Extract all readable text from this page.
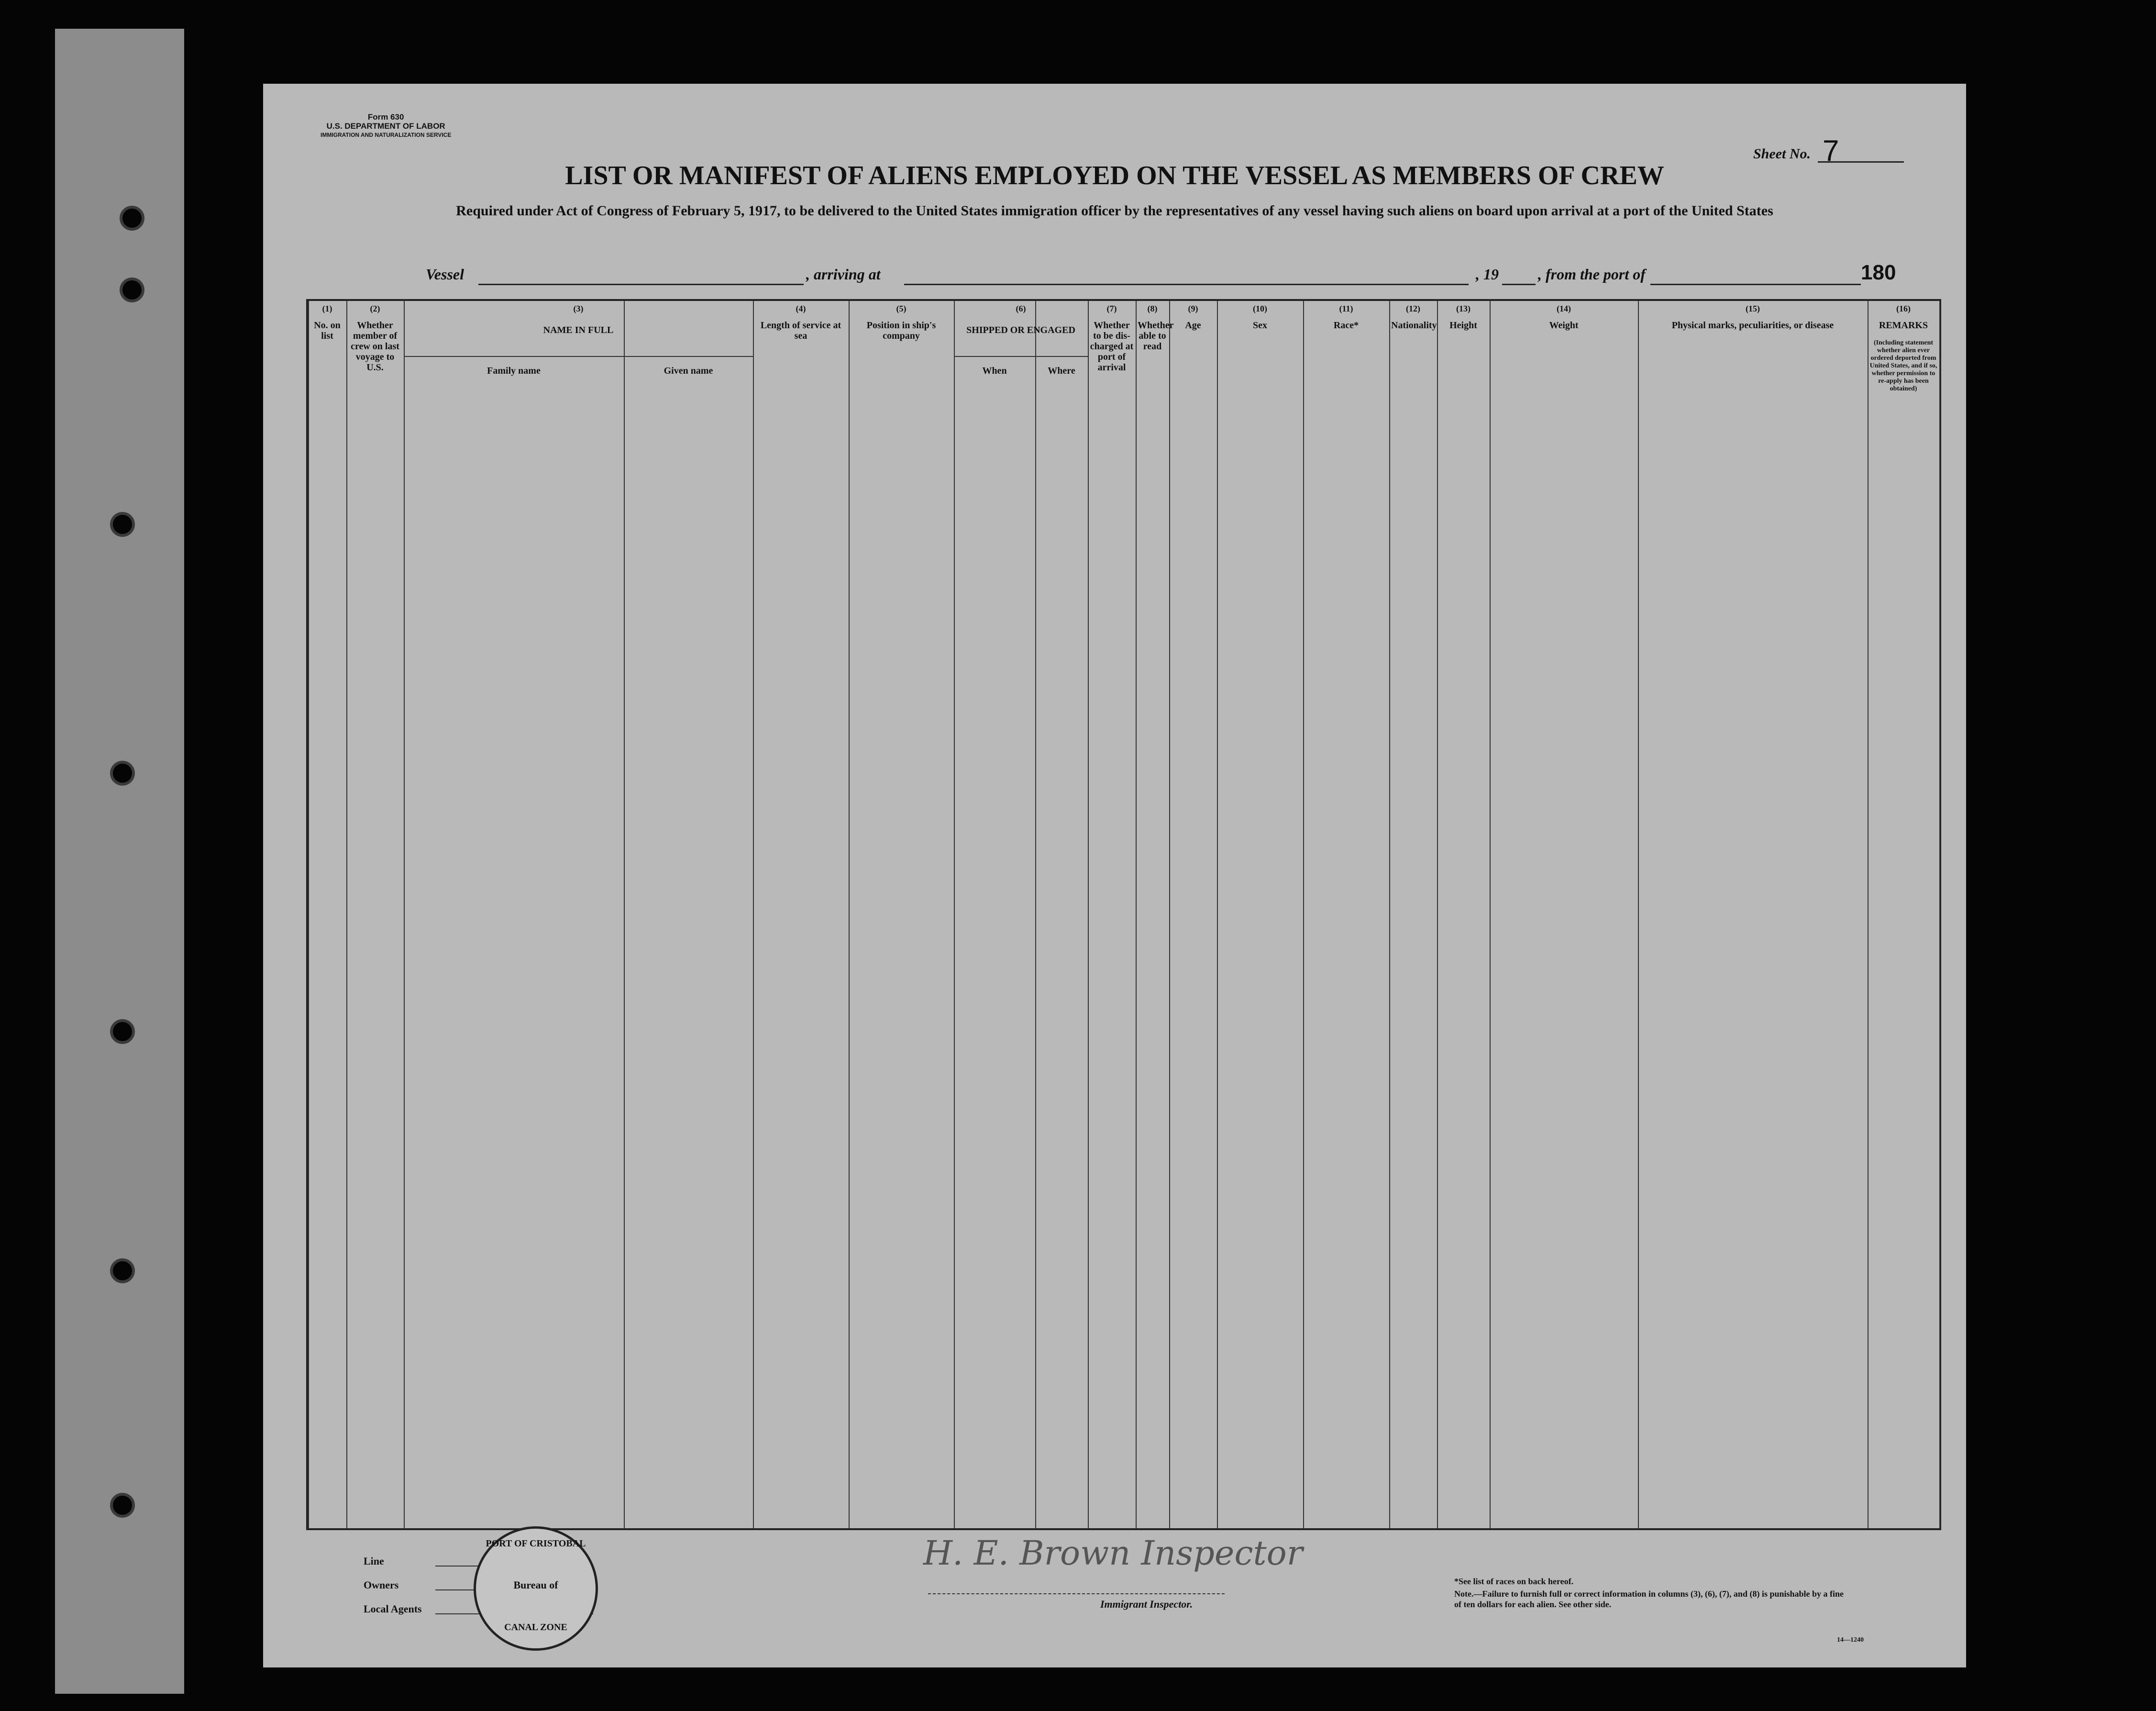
Form 630
U.S. DEPARTMENT OF LABOR
IMMIGRATION AND NATURALIZATION SERVICE
Sheet No. 7
LIST OR MANIFEST OF ALIENS EMPLOYED ON THE VESSEL AS MEMBERS OF CREW
Required under Act of Congress of February 5, 1917, to be delivered to the United States immigration officer by the representatives of any vessel having such aliens on board upon arrival at a port of the United States
Vessel	, arriving at	, 19	, from the port of	180
(1)
No. on list
(2)
Whether member of crew on last voyage to U.S.
(3)
NAME IN FULL
Family name	Given name
(4)
Length of service at sea
(5)
Position in ship's company
(6)
SHIPPED OR ENGAGED
When	Where
(7)
Whether to be dis-charged at port of arrival
(8)
Whether able to read
(9)
Age
(10)
Sex
(11)
Race*
(12)
Nationality
(13)
Height
(14)
Weight
(15)
Physical marks, peculiarities, or disease
(16)
REMARKS
(Including statement whether alien ever ordered deported from United States, and if so, whether permission to re-apply has been obtained)
Line
Owners
Local Agents	Immigrant Inspector.
*See list of races on back hereof.
Note.—Failure to furnish full or correct information in columns (3), (6), (7), and (8) is punishable by a fine of ten dollars for each alien. See other side.
14—1240
PORT OF CRISTOBAL
Bureau of
CANAL ZONE
H. E. Brown Inspector
